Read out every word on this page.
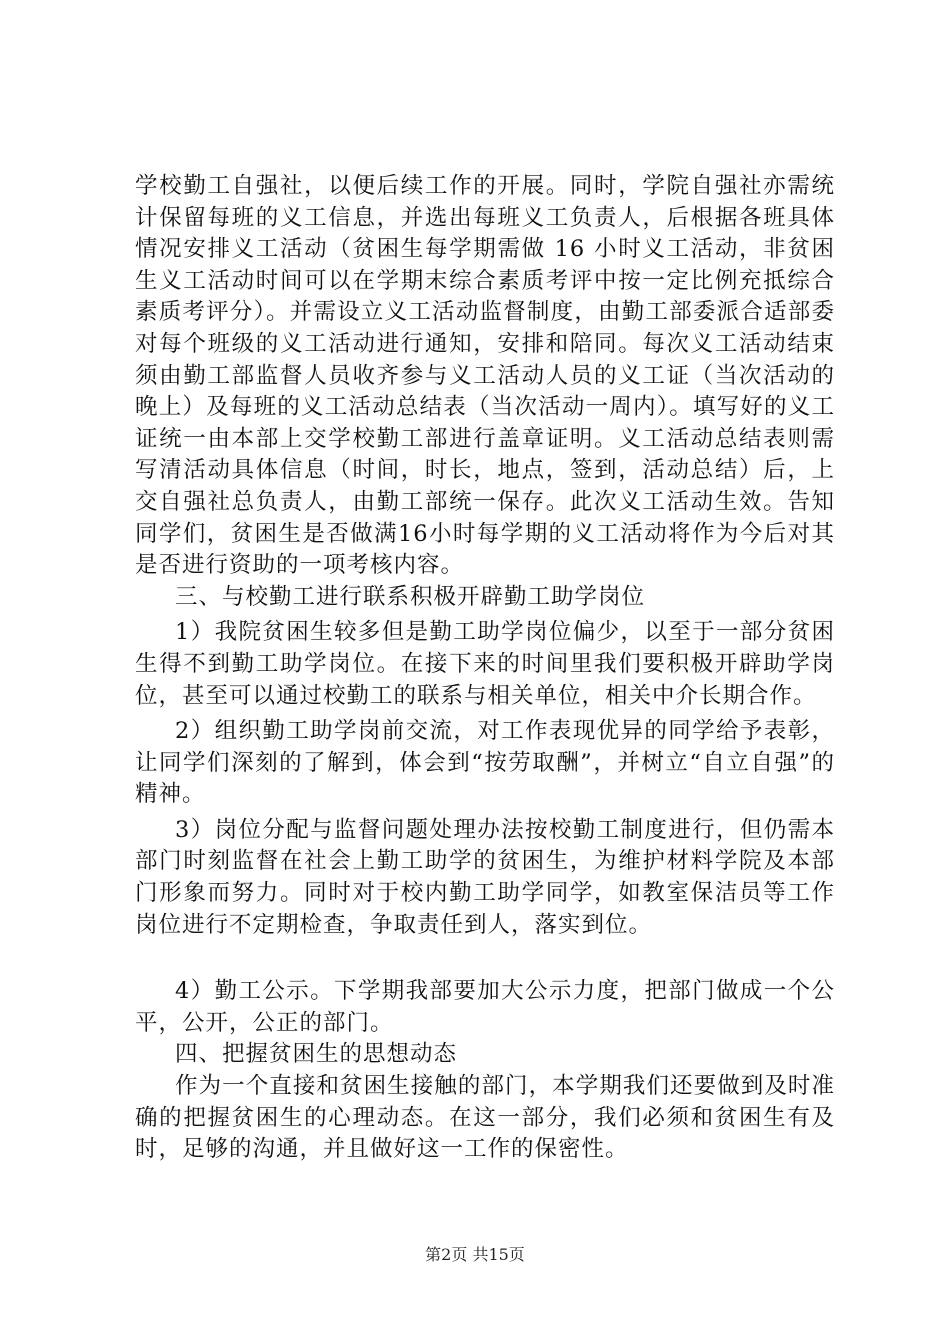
学校勤工自强社，以便后续工作的开展。同时，学院自强社亦需统计保留每班的义工信息，并选出每班义工负责人，后根据各班具体情况安排义工活动（贫困生每学期需做 16 小时义工活动，非贫困生义工活动时间可以在学期末综合素质考评中按一定比例充抵综合素质考评分）。并需设立义工活动监督制度，由勤工部委派合适部委对每个班级的义工活动进行通知，安排和陪同。每次义工活动结束须由勤工部监督人员收齐参与义工活动人员的义工证（当次活动的晚上）及每班的义工活动总结表（当次活动一周内）。填写好的义工证统一由本部上交学校勤工部进行盖章证明。义工活动总结表则需写清活动具体信息（时间，时长，地点，签到，活动总结）后，上交自强社总负责人，由勤工部统一保存。此次义工活动生效。告知同学们，贫困生是否做满16小时每学期的义工活动将作为今后对其是否进行资助的一项考核内容。

三、与校勤工进行联系积极开辟勤工助学岗位

1）我院贫困生较多但是勤工助学岗位偏少，以至于一部分贫困生得不到勤工助学岗位。在接下来的时间里我们要积极开辟助学岗位，甚至可以通过校勤工的联系与相关单位，相关中介长期合作。

2）组织勤工助学岗前交流，对工作表现优异的同学给予表彰，让同学们深刻的了解到，体会到“按劳取酬”，并树立“自立自强”的精神。

3）岗位分配与监督问题处理办法按校勤工制度进行，但仍需本部门时刻监督在社会上勤工助学的贫困生，为维护材料学院及本部门形象而努力。同时对于校内勤工助学同学，如教室保洁员等工作岗位进行不定期检查，争取责任到人，落实到位。

4）勤工公示。下学期我部要加大公示力度，把部门做成一个公平，公开，公正的部门。

四、把握贫困生的思想动态

作为一个直接和贫困生接触的部门，本学期我们还要做到及时准确的把握贫困生的心理动态。在这一部分，我们必须和贫困生有及时，足够的沟通，并且做好这一工作的保密性。

第2页 共15页
